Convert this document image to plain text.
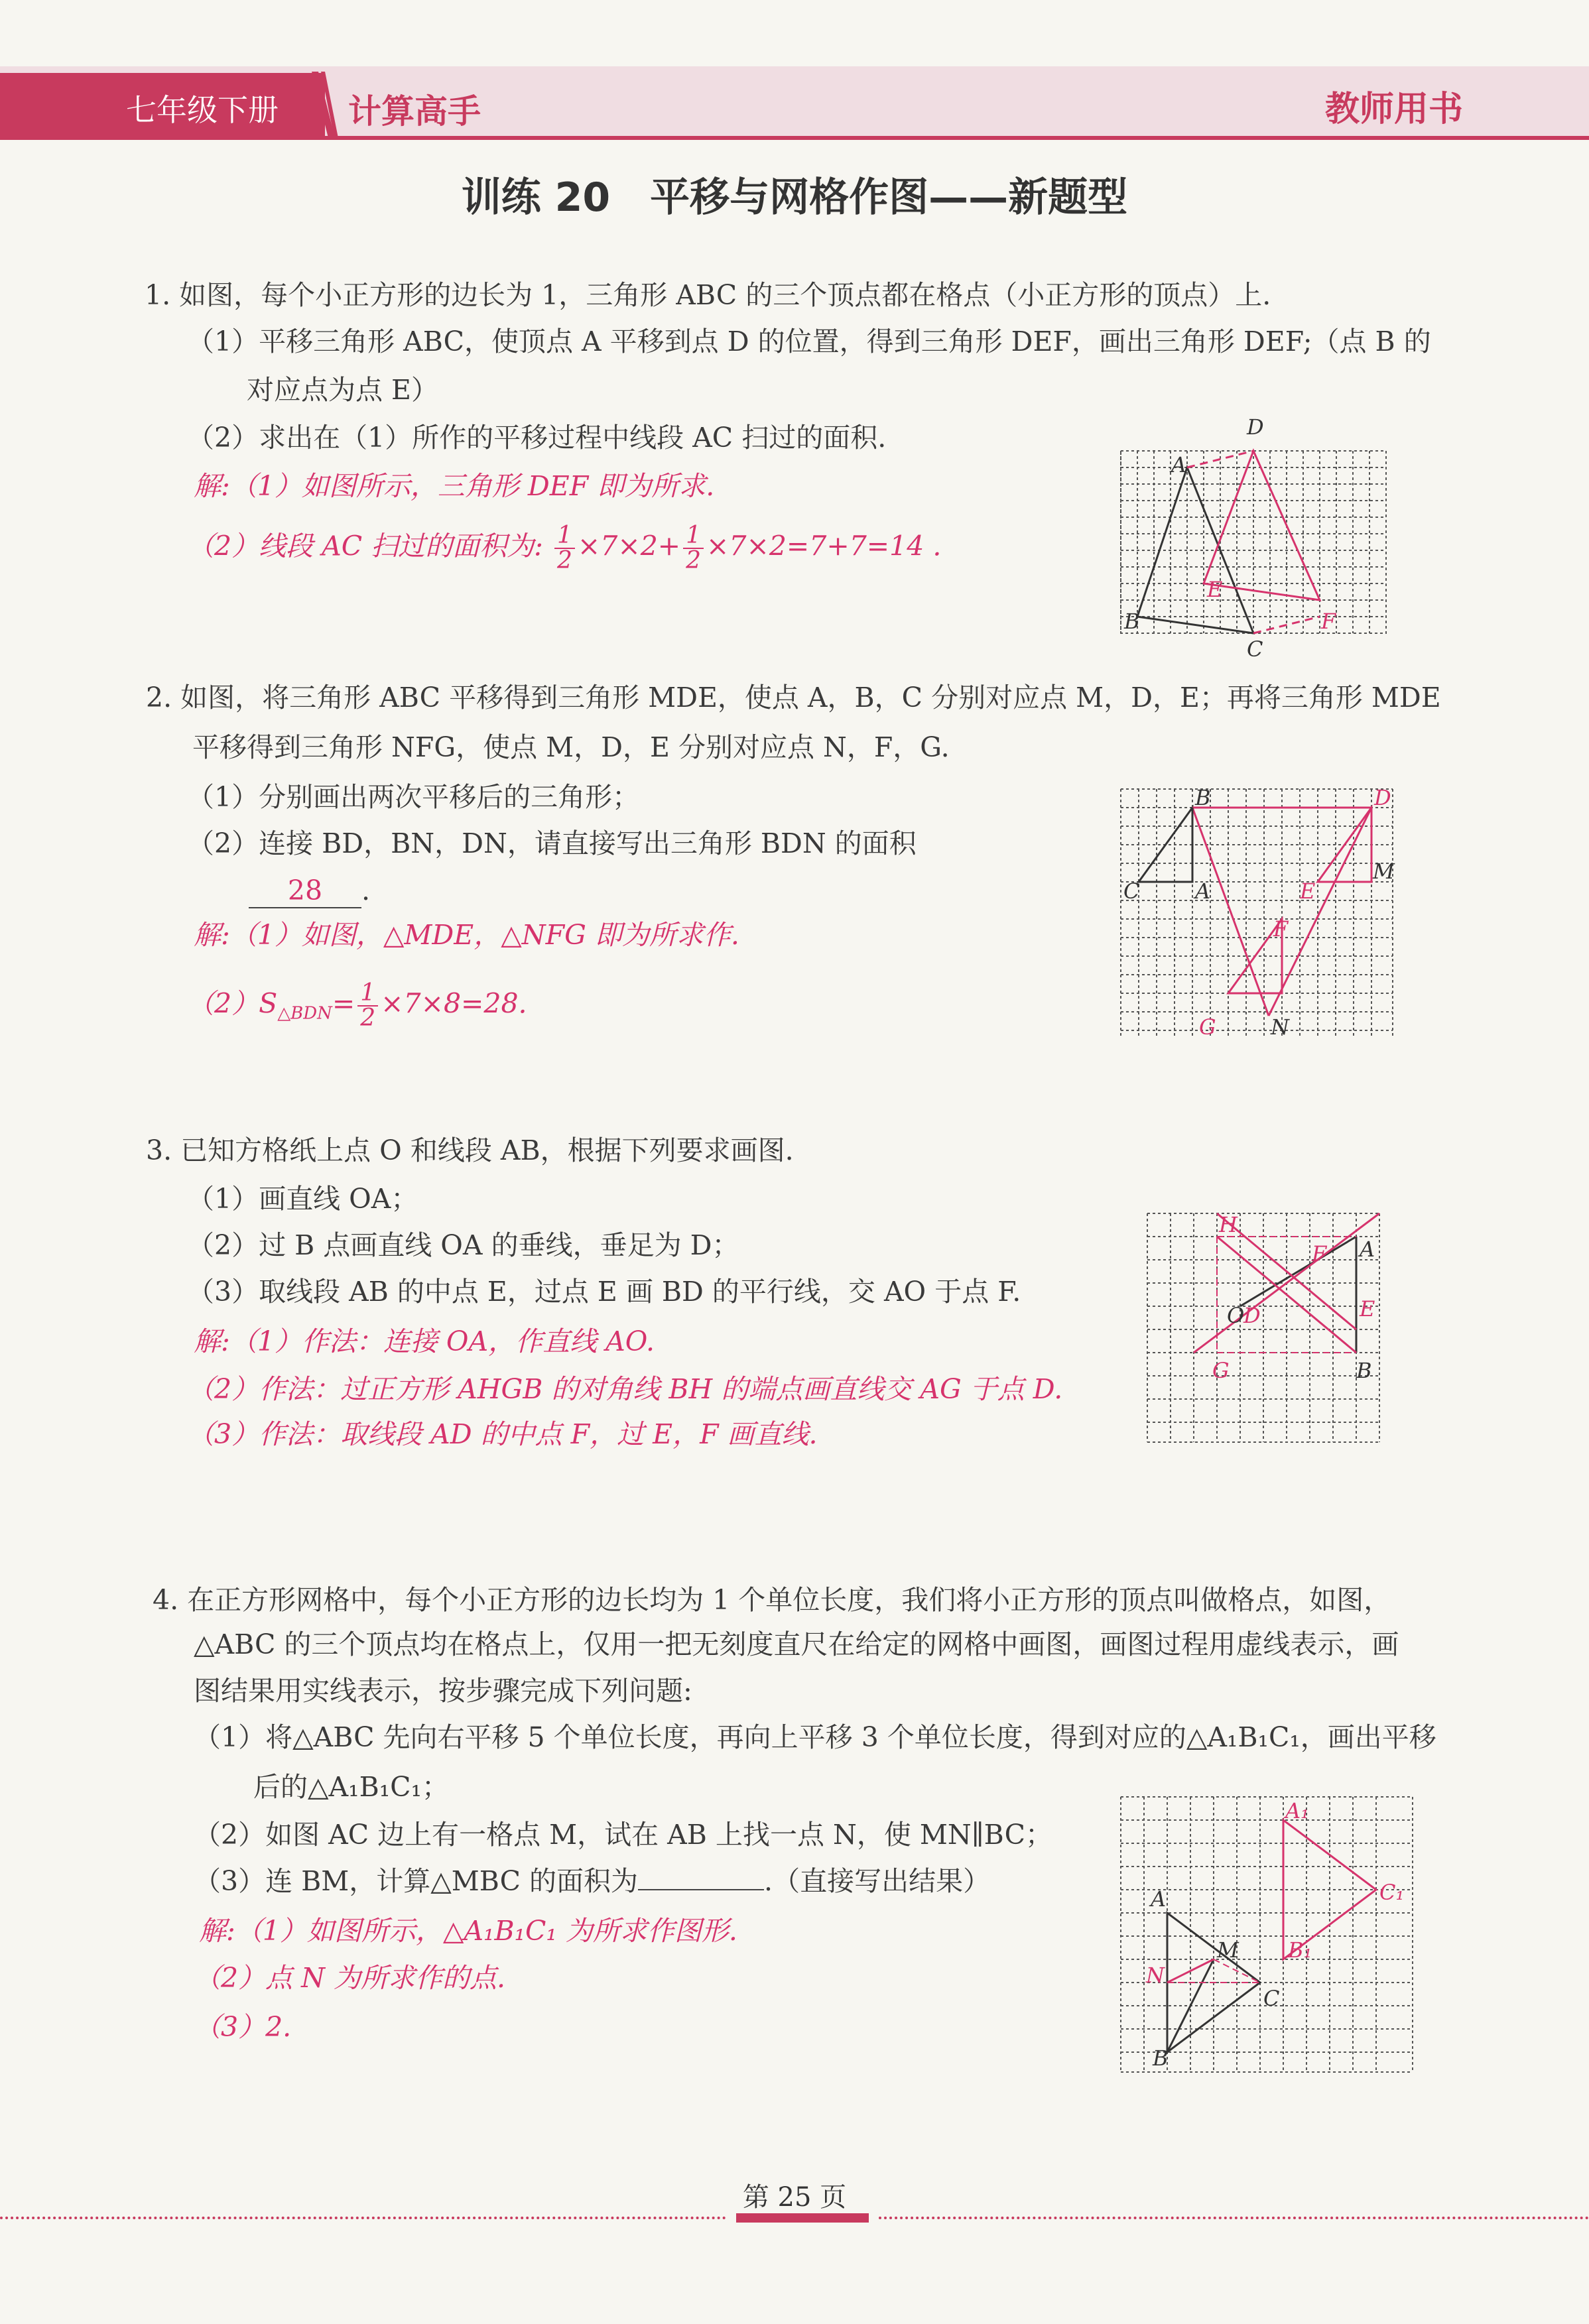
七年级下册 计算高手	教师用书
训练 20　平移与网格作图——新题型
1. 如图，每个小正方形的边长为 1，三角形 ABC 的三个顶点都在格点（小正方形的顶点）上.
（1）平移三角形 ABC，使顶点 A 平移到点 D 的位置，得到三角形 DEF，画出三角形 DEF;（点 B 的
对应点为点 E）
（2）求出在（1）所作的平移过程中线段 AC 扫过的面积.
解:（1）如图所示，三角形 DEF 即为所求.
（2）线段 AC 扫过的面积为: $\frac{1}{2} \times 7\times 2+ \frac{1}{2} \times 7\times 2=7+7=14$ .
D
A
E
B
C
F
2. 如图，将三角形 ABC 平移得到三角形 MDE，使点 A，B，C 分别对应点 M，D，E；再将三角形 MDE
平移得到三角形 NFG，使点 M，D，E 分别对应点 N，F，G.
（1）分别画出两次平移后的三角形；
（2）连接 BD，BN，DN，请直接写出三角形 BDN 的面积
28 .
解:（1）如图，△MDE，△NFG 即为所求作.
$(2)S_{\triangle BDN}= \frac{1}{2} \times 7\times 8=28$.
B	D
C	A
M
E
F
G	N
3. 已知方格纸上点 O 和线段 AB，根据下列要求画图.
（1）画直线 OA；
（2）过 B 点画直线 OA 的垂线，垂足为 D；
（3）取线段 AB 的中点 E，过点 E 画 BD 的平行线，交 AO 于点 F.
解:（1）作法：连接 OA，作直线 AO.
（2）作法：过正方形 AHGB 的对角线 BH 的端点画直线交 AG 于点 D.
（3）作法：取线段 AD 的中点 F，过 E，F 画直线.
H
F A
O
D	E
G	B
4. 在正方形网格中，每个小正方形的边长均为 1 个单位长度，我们将小正方形的顶点叫做格点，如图，
△ABC 的三个顶点均在格点上，仅用一把无刻度直尺在给定的网格中画图，画图过程用虚线表示，画
图结果用实线表示，按步骤完成下列问题:
（1）将△ABC 先向右平移 5 个单位长度，再向上平移 3 个单位长度，得到对应的△A₁B₁C₁，画出平移
后的△A₁B₁C₁；
（2）如图 AC 边上有一格点 M，试在 AB 上找一点 N，使 MN∥BC；
（3）连 BM，计算△MBC 的面积为	.（直接写出结果）
解:（1）如图所示，△A₁B₁C₁ 为所求作图形.
（2）点 N 为所求作的点.
（3）2.
A₁
C₁
B₁
A
M
N
C
B
第 25 页
